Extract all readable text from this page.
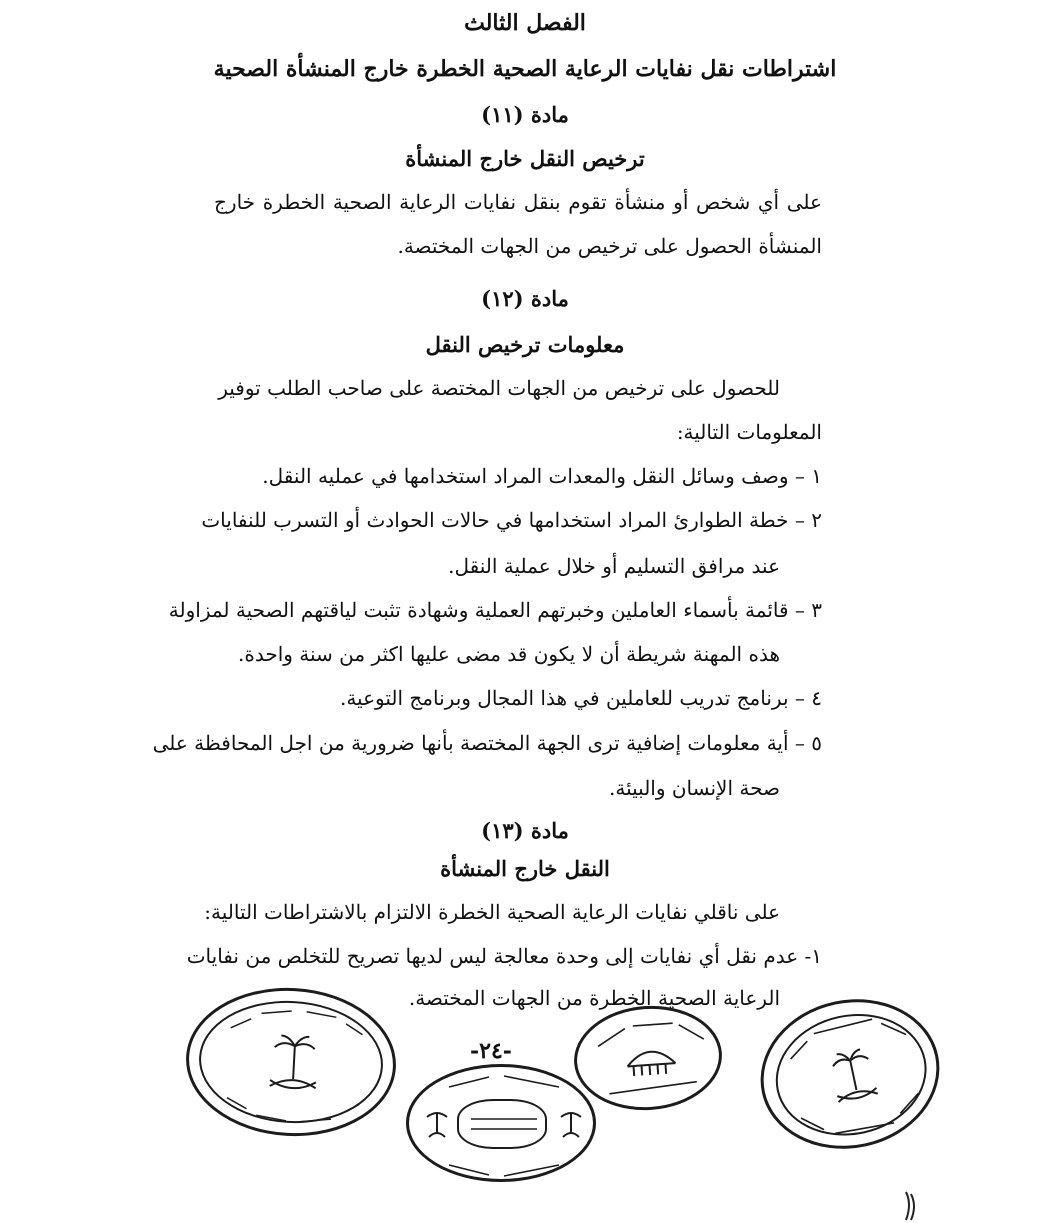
الفصل الثالث
اشتراطات نقل نفايات الرعاية الصحية الخطرة خارج المنشأة الصحية
مادة (١١)
ترخيص النقل خارج المنشأة
على أي شخص أو منشأة تقوم بنقل نفايات الرعاية الصحية الخطرة خارج
المنشأة الحصول على ترخيص من الجهات المختصة.
مادة (١٢)
معلومات ترخيص النقل
للحصول على ترخيص من الجهات المختصة على صاحب الطلب توفير
المعلومات التالية:
١ – وصف وسائل النقل والمعدات المراد استخدامها في عمليه النقل.
٢ – خطة الطوارئ المراد استخدامها في حالات الحوادث أو التسرب للنفايات
عند مرافق التسليم أو خلال عملية النقل.
٣ – قائمة بأسماء العاملين وخبرتهم العملية وشهادة تثبت لياقتهم الصحية لمزاولة
هذه المهنة شريطة أن لا يكون قد مضى عليها اكثر من سنة واحدة.
٤ – برنامج تدريب للعاملين في هذا المجال وبرنامج التوعية.
٥ – أية معلومات إضافية ترى الجهة المختصة بأنها ضرورية من اجل المحافظة على
صحة الإنسان والبيئة.
مادة (١٣)
النقل خارج المنشأة
على ناقلي نفايات الرعاية الصحية الخطرة الالتزام بالاشتراطات التالية:
١- عدم نقل أي نفايات إلى وحدة معالجة ليس لديها تصريح للتخلص من نفايات
الرعاية الصحية الخطرة من الجهات المختصة.
-٢٤-
